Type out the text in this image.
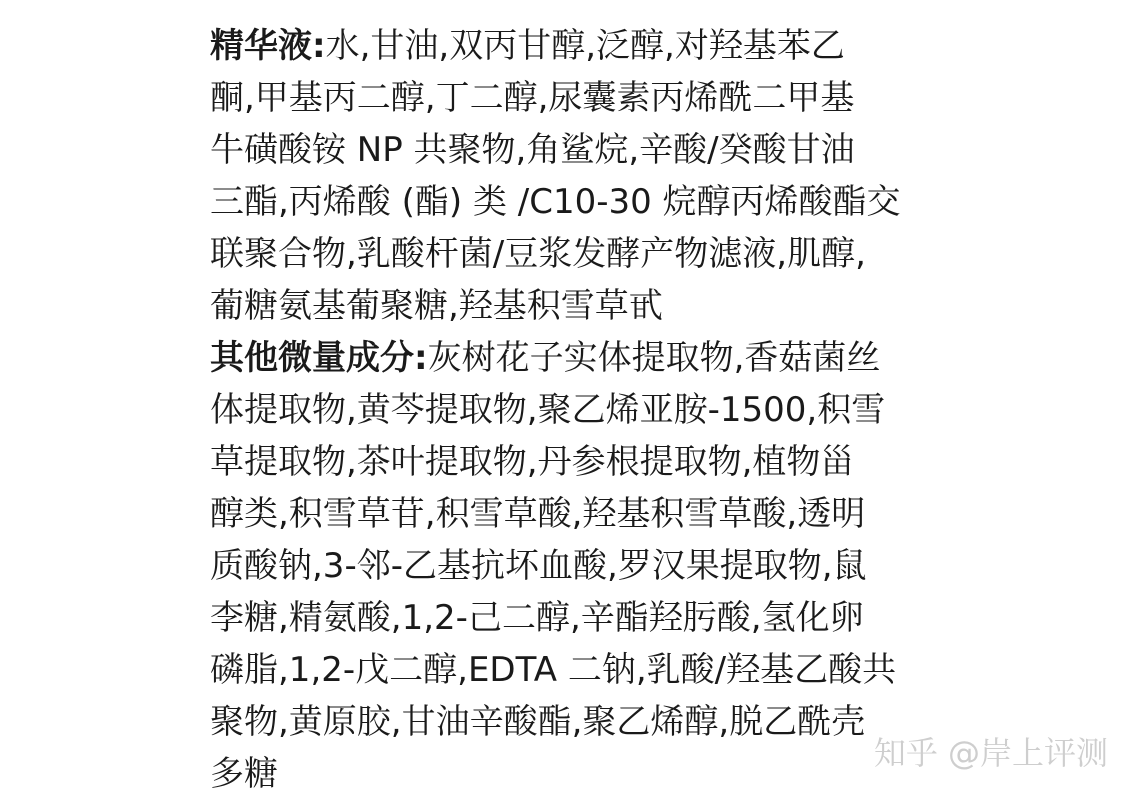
精华液:水,甘油,双丙甘醇,泛醇,对羟基苯乙
酮,甲基丙二醇,丁二醇,尿囊素丙烯酰二甲基
牛磺酸铵 NP 共聚物,角鲨烷,辛酸/癸酸甘油
三酯,丙烯酸 (酯) 类 /C10-30 烷醇丙烯酸酯交
联聚合物,乳酸杆菌/豆浆发酵产物滤液,肌醇,
葡糖氨基葡聚糖,羟基积雪草甙
其他微量成分:灰树花子实体提取物,香菇菌丝
体提取物,黄芩提取物,聚乙烯亚胺-1500,积雪
草提取物,茶叶提取物,丹参根提取物,植物甾
醇类,积雪草苷,积雪草酸,羟基积雪草酸,透明
质酸钠,3-邻-乙基抗坏血酸,罗汉果提取物,鼠
李糖,精氨酸,1,2-己二醇,辛酯羟肟酸,氢化卵
磷脂,1,2-戊二醇,EDTA 二钠,乳酸/羟基乙酸共
聚物,黄原胶,甘油辛酸酯,聚乙烯醇,脱乙酰壳
多糖
知乎 @岸上评测
